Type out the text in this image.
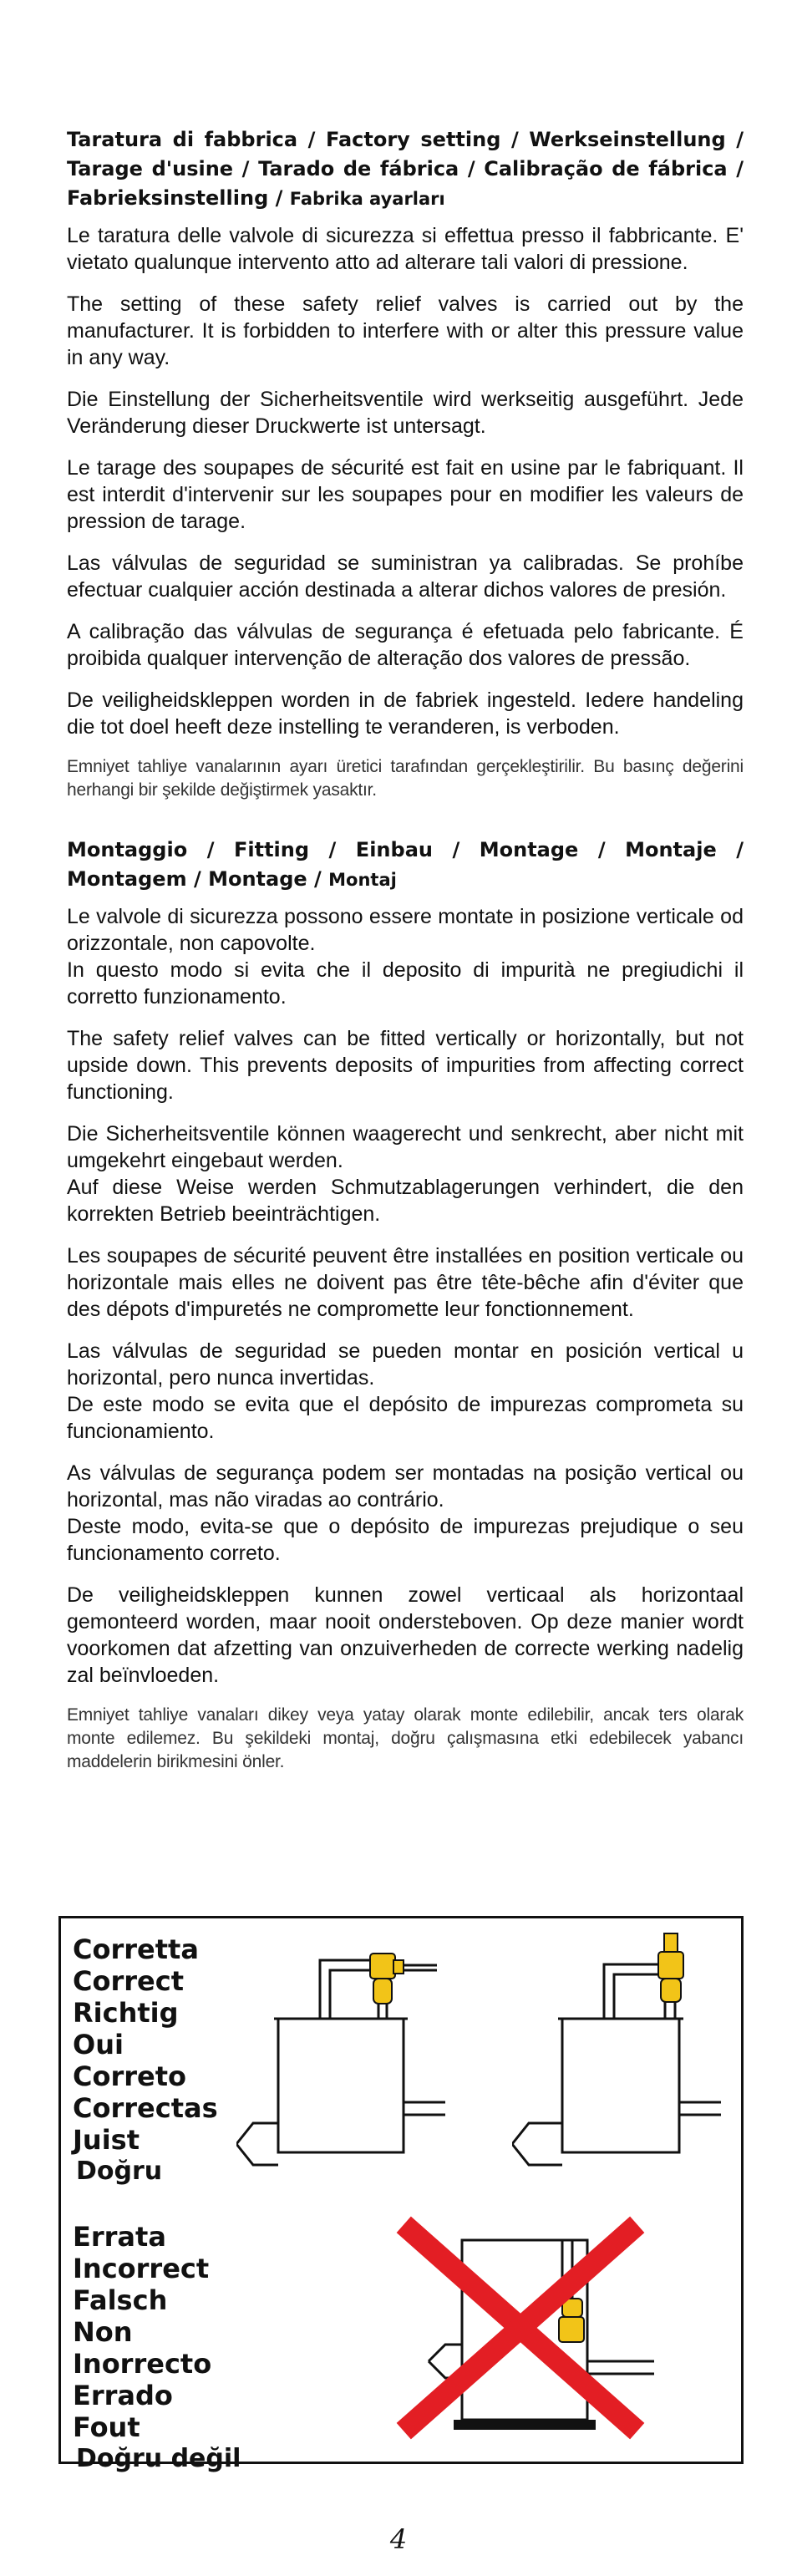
Taratura di fabbrica / Factory setting / Werkseinstellung / Tarage d'usine / Tarado de fábrica / Calibração de fábrica / Fabrieksinstelling / Fabrika ayarları

Le taratura delle valvole di sicurezza si effettua presso il fabbricante. E' vietato qualunque intervento atto ad alterare tali valori di pressione.

The setting of these safety relief valves is carried out by the manufacturer. It is forbidden to interfere with or alter this pressure value in any way.

Die Einstellung der Sicherheitsventile wird werkseitig ausgeführt. Jede Veränderung dieser Druckwerte ist untersagt.

Le tarage des soupapes de sécurité est fait en usine par le fabriquant. Il est interdit d'intervenir sur les soupapes pour en modifier les valeurs de pression de tarage.

Las válvulas de seguridad se suministran ya calibradas. Se prohíbe efectuar cualquier acción destinada a alterar dichos valores de presión.

A calibração das válvulas de segurança é efetuada pelo fabricante. É proibida qualquer intervenção de alteração dos valores de pressão.

De veiligheidskleppen worden in de fabriek ingesteld. Iedere handeling die tot doel heeft deze instelling te veranderen, is verboden.

Emniyet tahliye vanalarının ayarı üretici tarafından gerçekleştirilir. Bu basınç değerini herhangi bir şekilde değiştirmek yasaktır.

Montaggio / Fitting / Einbau / Montage / Montaje / Montagem / Montage / Montaj

Le valvole di sicurezza possono essere montate in posizione verticale od orizzontale, non capovolte.
In questo modo si evita che il deposito di impurità ne pregiudichi il corretto funzionamento.

The safety relief valves can be fitted vertically or horizontally, but not upside down. This prevents deposits of impurities from affecting correct functioning.

Die Sicherheitsventile können waagerecht und senkrecht, aber nicht mit umgekehrt eingebaut werden.
Auf diese Weise werden Schmutzablagerungen verhindert, die den korrekten Betrieb beeinträchtigen.

Les soupapes de sécurité peuvent être installées en position verticale ou horizontale mais elles ne doivent pas être tête-bêche afin d'éviter que des dépots d'impuretés ne compromette leur fonctionnement.

Las válvulas de seguridad se pueden montar en posición vertical u horizontal, pero nunca invertidas.
De este modo se evita que el depósito de impurezas comprometa su funcionamiento.

As válvulas de segurança podem ser montadas na posição vertical ou horizontal, mas não viradas ao contrário.
Deste modo, evita-se que o depósito de impurezas prejudique o seu funcionamento correto.

De veiligheidskleppen kunnen zowel verticaal als horizontaal gemonteerd worden, maar nooit ondersteboven. Op deze manier wordt voorkomen dat afzetting van onzuiverheden de correcte werking nadelig zal beïnvloeden.

Emniyet tahliye vanaları dikey veya yatay olarak monte edilebilir, ancak ters olarak monte edilemez. Bu şekildeki montaj, doğru çalışmasına etki edebilecek yabancı maddelerin birikmesini önler.

Corretta
Correct
Richtig
Oui
Correto
Correctas
Juist
Doğru
Errata
Incorrect
Falsch
Non
Inorrecto
Errado
Fout
Doğru değil
4
